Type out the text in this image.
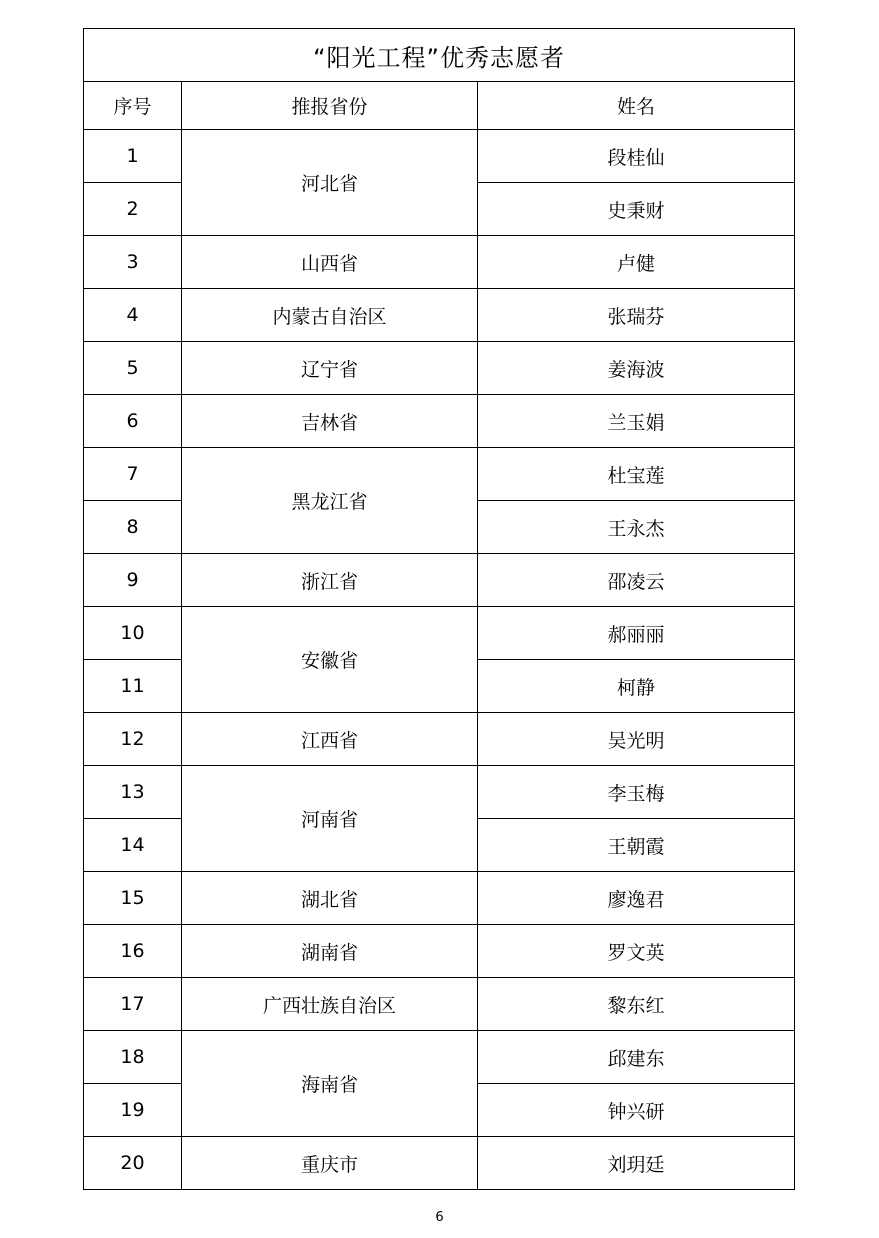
“阳光工程”优秀志愿者		
序号	推报省份	姓名
1	河北省	段桂仙
2		史秉财
3	山西省	卢健
4	内蒙古自治区	张瑞芬
5	辽宁省	姜海波
6	吉林省	兰玉娟
7	黑龙江省	杜宝莲
8		王永杰
9	浙江省	邵凌云
10	安徽省	郝丽丽
11		柯静
12	江西省	吴光明
13	河南省	李玉梅
14		王朝霞
15	湖北省	廖逸君
16	湖南省	罗文英
17	广西壮族自治区	黎东红
18	海南省	邱建东
19		钟兴研
20	重庆市	刘玥廷
6
